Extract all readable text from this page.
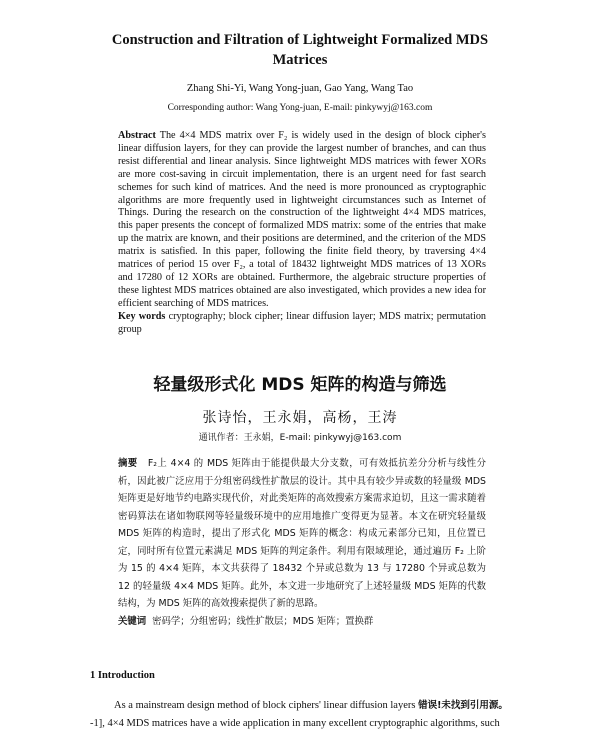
Construction and Filtration of Lightweight Formalized MDS Matrices
Zhang Shi-Yi, Wang Yong-juan, Gao Yang, Wang Tao
Corresponding author: Wang Yong-juan, E-mail: pinkywyj@163.com
Abstract The 4×4 MDS matrix over F₂ is widely used in the design of block cipher's linear diffusion layers, for they can provide the largest number of branches, and can thus resist differential and linear analysis. Since lightweight MDS matrices with fewer XORs are more cost-saving in circuit implementation, there is an urgent need for fast search schemes for such kind of matrices. And the need is more pronounced as cryptographic algorithms are more frequently used in lightweight circumstances such as Internet of Things. During the research on the construction of the lightweight 4×4 MDS matrices, this paper presents the concept of formalized MDS matrix: some of the entries that make up the matrix are known, and their positions are determined, and the criterion of the MDS matrix is satisfied. In this paper, following the finite field theory, by traversing 4×4 matrices of period 15 over F₂, a total of 18432 lightweight MDS matrices of 13 XORs and 17280 of 12 XORs are obtained. Furthermore, the algebraic structure properties of these lightest MDS matrices obtained are also investigated, which provides a new idea for efficient searching of MDS matrices.
Key words cryptography; block cipher; linear diffusion layer; MDS matrix; permutation group
轻量级形式化 MDS 矩阵的构造与筛选
张诗怡，王永娟，高杨，王涛
通讯作者：王永娟，E-mail: pinkywyj@163.com
摘要 F₂上 4×4 的 MDS 矩阵由于能提供最大分支数，可有效抵抗差分分析与线性分析，因此被广泛应用于分组密码线性扩散层的设计。其中具有较少异或数的轻量级 MDS 矩阵更是好地节约电路实现代价，对此类矩阵的高效搜索方案需求迫切，且这一需求随着密码算法在诸如物联网等轻量级环境中的应用地推广变得更为显著。本文在研究轻量级 MDS 矩阵的构造时，提出了形式化 MDS 矩阵的概念：构成元素部分已知，且位置已定，同时所有位置元素满足 MDS 矩阵的判定条件。利用有限域理论，通过遍历 F₂ 上阶为 15 的 4×4 矩阵，本文共获得了 18432 个异或总数为 13 与 17280 个异或总数为 12 的轻量级 4×4 MDS 矩阵。此外，本文进一步地研究了上述轻量级 MDS 矩阵的代数结构，为 MDS 矩阵的高效搜索提供了新的思路。
关键词 密码学；分组密码；线性扩散层；MDS 矩阵；置换群
1 Introduction
As a mainstream design method of block ciphers' linear diffusion layers 错误!未找到引用源。
-1], 4×4 MDS matrices have a wide application in many excellent cryptographic algorithms, such
